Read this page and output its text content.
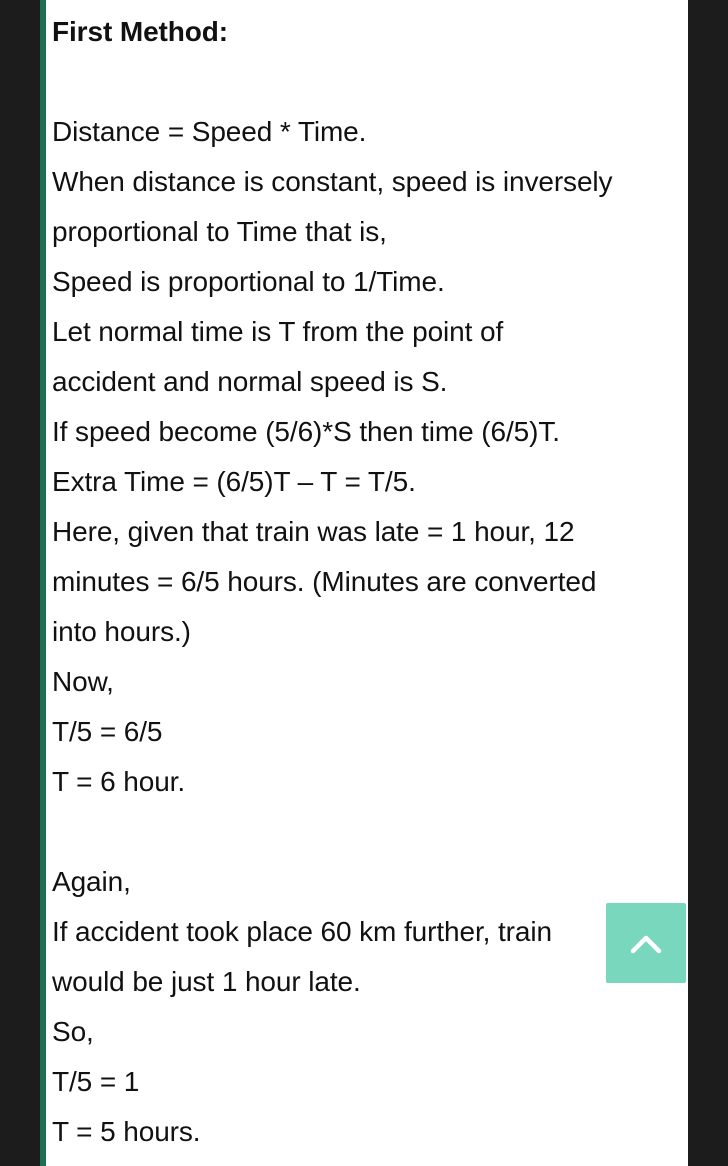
First Method:
Distance = Speed * Time.
When distance is constant, speed is inversely
proportional to Time that is,
Speed is proportional to 1/Time.
Let normal time is T from the point of
accident and normal speed is S.
If speed become (5/6)*S then time (6/5)T.
Extra Time = (6/5)T – T = T/5.
Here, given that train was late = 1 hour, 12
minutes = 6/5 hours. (Minutes are converted
into hours.)
Now,
T/5 = 6/5
T = 6 hour.
Again,
If accident took place 60 km further, train
would be just 1 hour late.
So,
T/5 = 1
T = 5 hours.
